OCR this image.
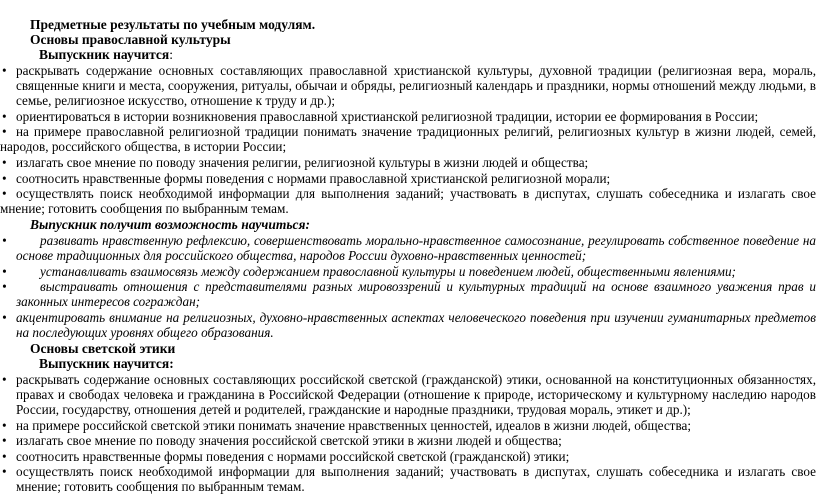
Предметные результаты по учебным модулям.
Основы православной культуры
Выпускник научится:
• раскрывать содержание основных составляющих православной христианской культуры, духовной традиции (религиозная вера, мораль, священные книги и места, сооружения, ритуалы, обычаи и обряды, религиозный календарь и праздники, нормы отношений между людьми, в семье, религиозное искусство, отношение к труду и др.);
• ориентироваться в истории возникновения православной христианской религиозной традиции, истории ее формирования в России;
• на примере православной религиозной традиции понимать значение традиционных религий, религиозных культур в жизни людей, семей, народов, российского общества, в истории России;
• излагать свое мнение по поводу значения религии, религиозной культуры в жизни людей и общества;
• соотносить нравственные формы поведения с нормами православной христианской религиозной морали;
• осуществлять поиск необходимой информации для выполнения заданий; участвовать в диспутах, слушать собеседника и излагать свое мнение; готовить сообщения по выбранным темам.
Выпускник получит возможность научиться:
•	развивать нравственную рефлексию, совершенствовать морально-нравственное самосознание, регулировать собственное поведение на основе традиционных для российского общества, народов России духовно-нравственных ценностей;
•	устанавливать взаимосвязь между содержанием православной культуры и поведением людей, общественными явлениями;
•	выстраивать отношения с представителями разных мировоззрений и культурных традиций на основе взаимного уважения прав и законных интересов сограждан;
• акцентировать внимание на религиозных, духовно-нравственных аспектах человеческого поведения при изучении гуманитарных предметов на последующих уровнях общего образования.
Основы светской этики
Выпускник научится:
• раскрывать содержание основных составляющих российской светской (гражданской) этики, основанной на конституционных обязанностях, правах и свободах человека и гражданина в Российской Федерации (отношение к природе, историческому и культурному наследию народов России, государству, отношения детей и родителей, гражданские и народные праздники, трудовая мораль, этикет и др.);
• на примере российской светской этики понимать значение нравственных ценностей, идеалов в жизни людей, общества;
• излагать свое мнение по поводу значения российской светской этики в жизни людей и общества;
• соотносить нравственные формы поведения с нормами российской светской (гражданской) этики;
• осуществлять поиск необходимой информации для выполнения заданий; участвовать в диспутах, слушать собеседника и излагать свое мнение; готовить сообщения по выбранным темам.
